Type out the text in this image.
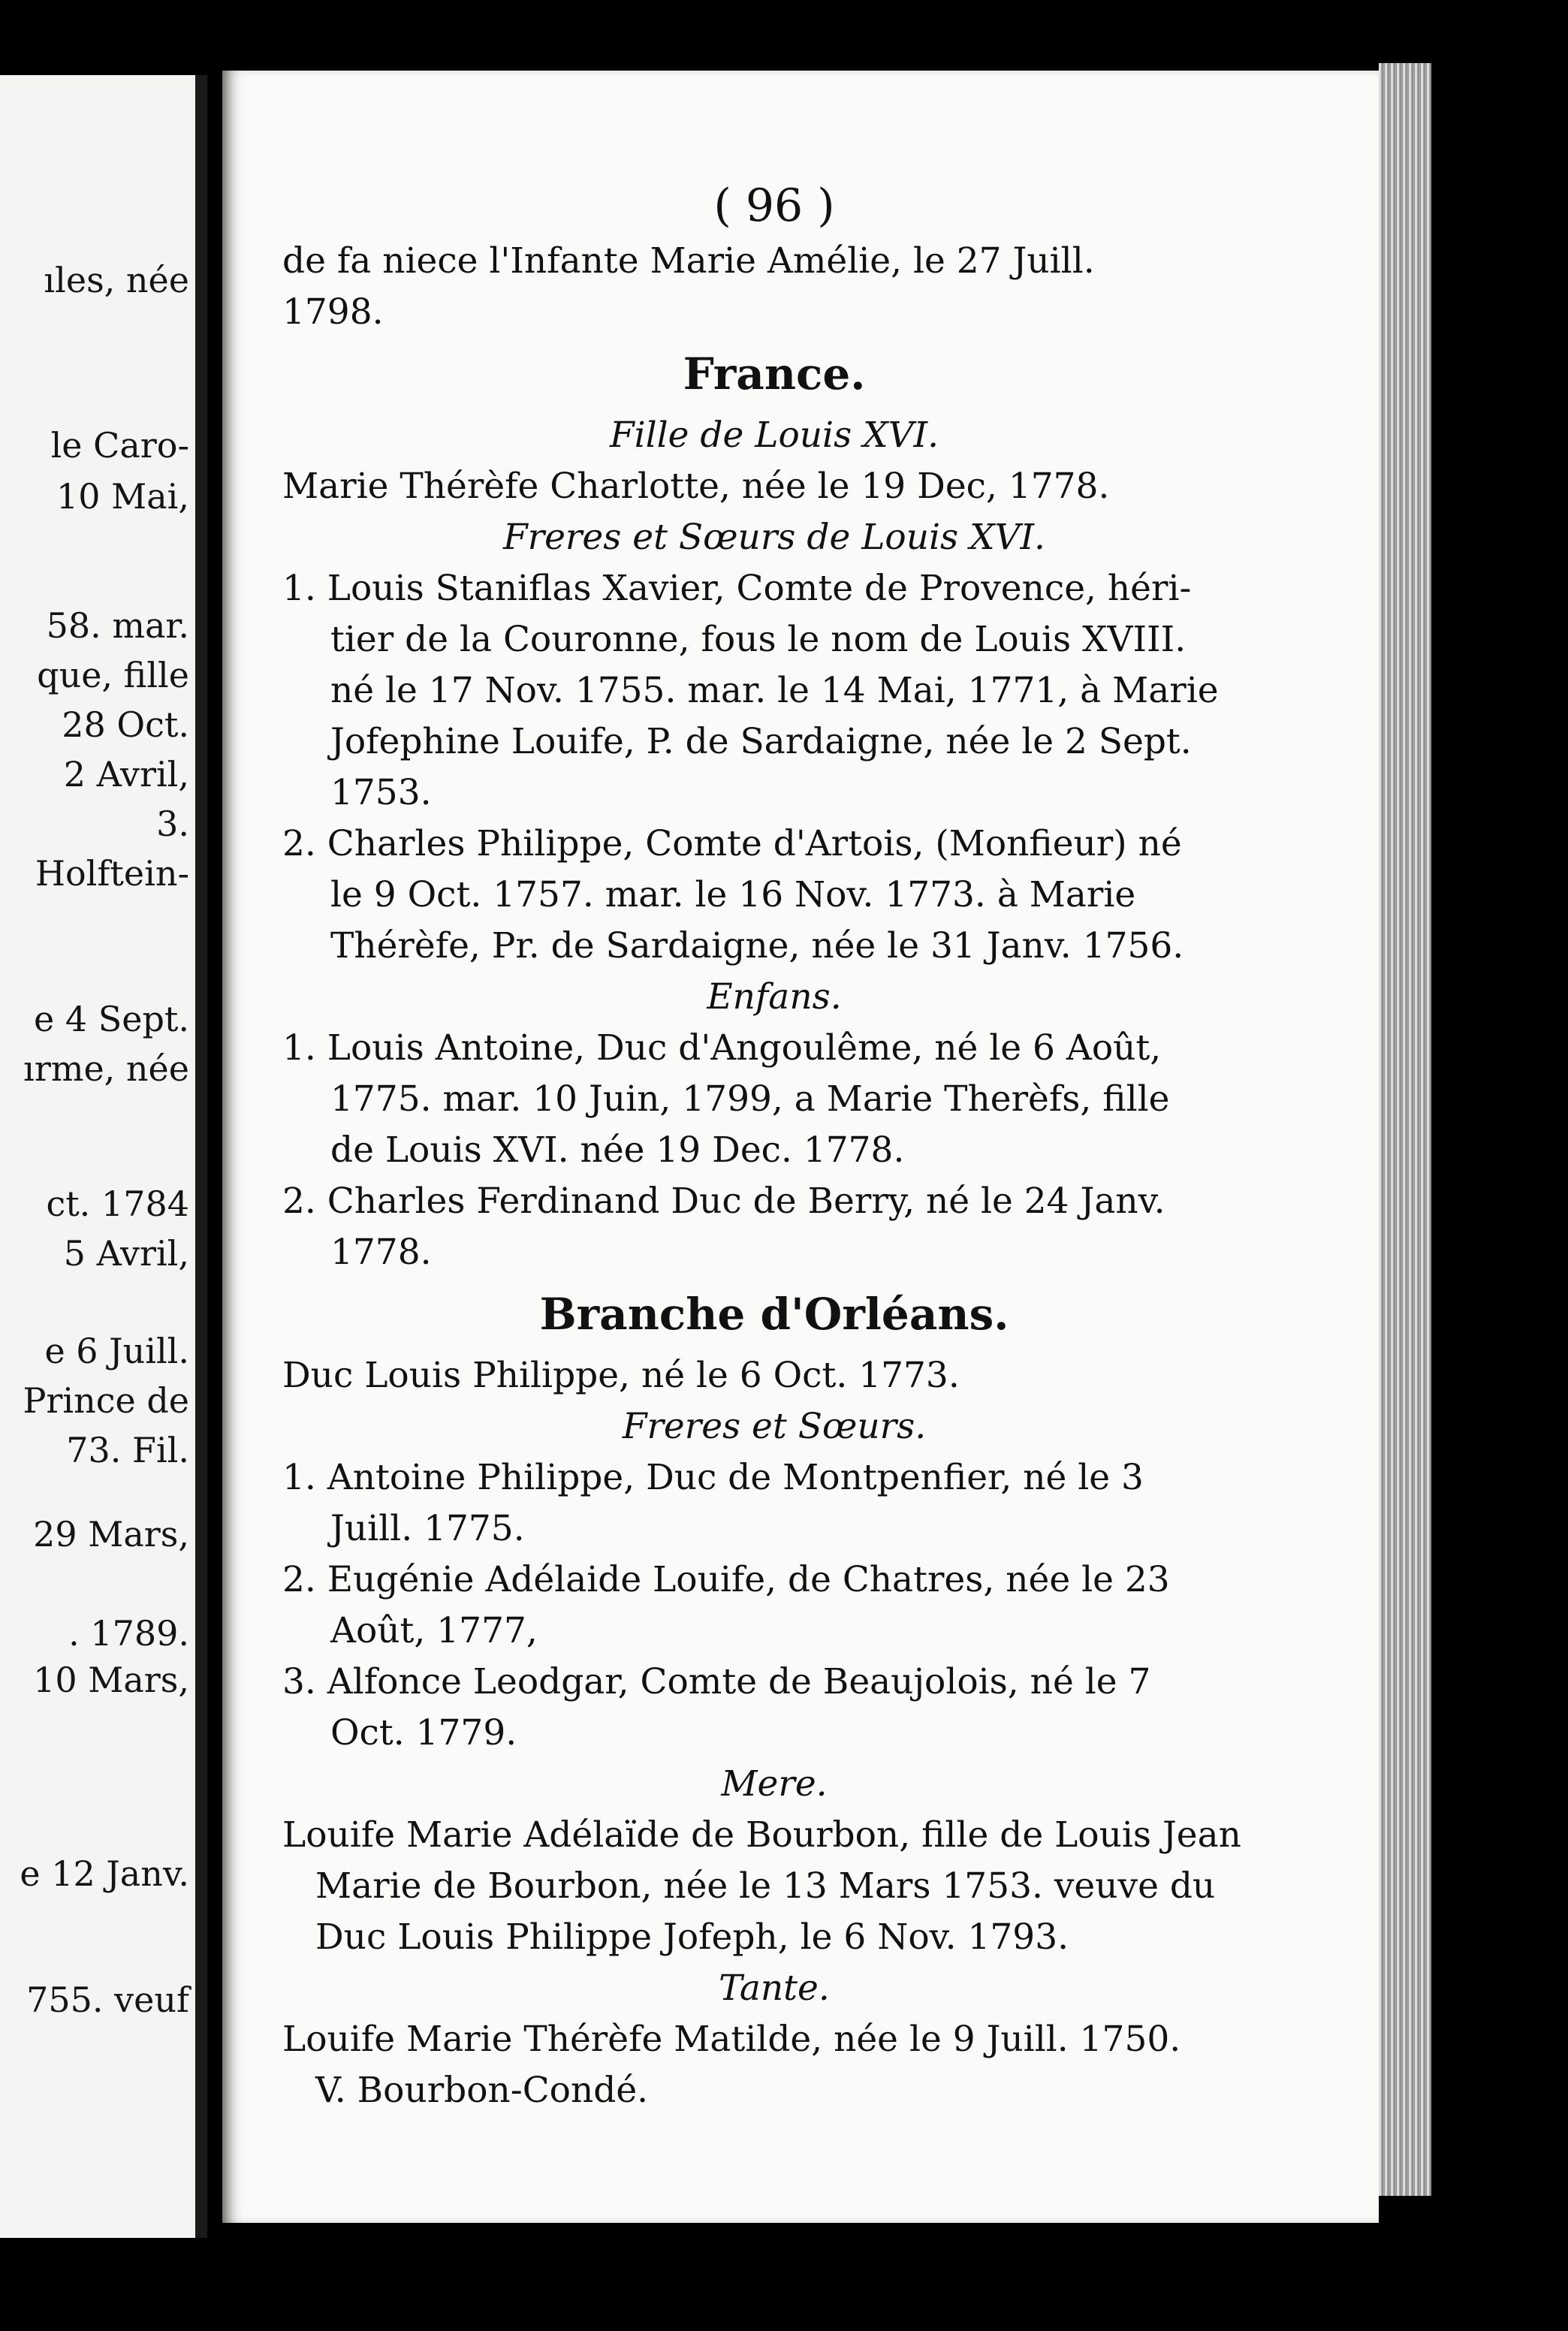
ıles, née
le Caro-
10 Mai,
58. mar.
que, fille
28 Oct.
2 Avril,
3.
Holftein-
e 4 Sept.
ırme, née
ct. 1784
5 Avril,
e 6 Juill.
Prince de
73. Fil.
29 Mars,
. 1789.
10 Mars,
e 12 Janv.
755. veuf
( 96 )
de fa niece l'Infante Marie Amélie, le 27 Juill.
1798.
France.
Fille de Louis XVI.
Marie Thérèfe Charlotte, née le 19 Dec, 1778.
Freres et Sœurs de Louis XVI.
1. Louis Staniflas Xavier, Comte de Provence, héri-
tier de la Couronne, fous le nom de Louis XVIII.
né le 17 Nov. 1755. mar. le 14 Mai, 1771, à Marie
Jofephine Louife, P. de Sardaigne, née le 2 Sept.
1753.
2. Charles Philippe, Comte d'Artois, (Monfieur) né
le 9 Oct. 1757. mar. le 16 Nov. 1773. à Marie
Thérèfe, Pr. de Sardaigne, née le 31 Janv. 1756.
Enfans.
1. Louis Antoine, Duc d'Angoulême, né le 6 Août,
1775. mar. 10 Juin, 1799, a Marie Therèfs, fille
de Louis XVI. née 19 Dec. 1778.
2. Charles Ferdinand Duc de Berry, né le 24 Janv.
1778.
Branche d'Orléans.
Duc Louis Philippe, né le 6 Oct. 1773.
Freres et Sœurs.
1. Antoine Philippe, Duc de Montpenfier, né le 3
Juill. 1775.
2. Eugénie Adélaide Louife, de Chatres, née le 23
Août, 1777,
3. Alfonce Leodgar, Comte de Beaujolois, né le 7
Oct. 1779.
Mere.
Louife Marie Adélaïde de Bourbon, fille de Louis Jean
Marie de Bourbon, née le 13 Mars 1753. veuve du
Duc Louis Philippe Jofeph, le 6 Nov. 1793.
Tante.
Louife Marie Thérèfe Matilde, née le 9 Juill. 1750.
V. Bourbon-Condé.
